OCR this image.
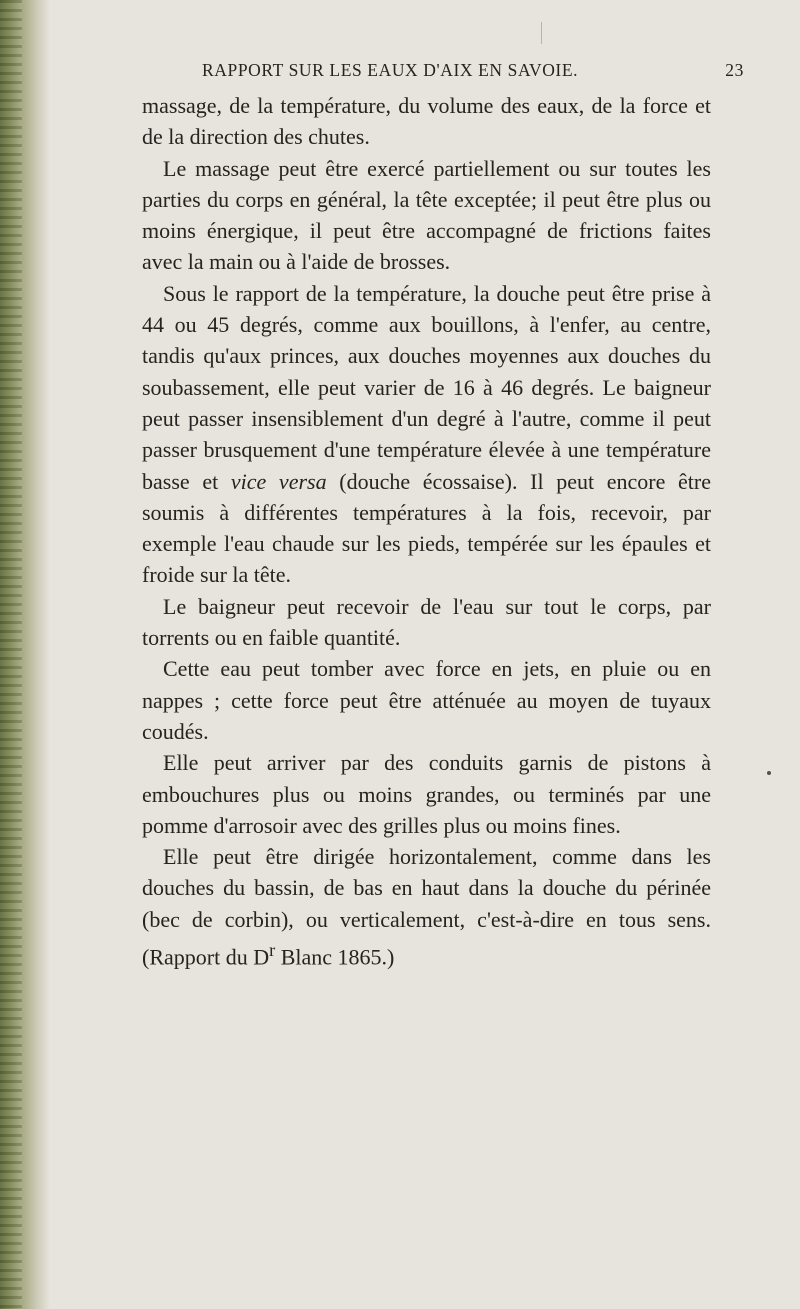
RAPPORT SUR LES EAUX D'AIX EN SAVOIE.	23

massage, de la température, du volume des eaux, de la force et de la direction des chutes.

Le massage peut être exercé partiellement ou sur toutes les parties du corps en général, la tête exceptée; il peut être plus ou moins énergique, il peut être accompagné de frictions faites avec la main ou à l'aide de brosses.

Sous le rapport de la température, la douche peut être prise à 44 ou 45 degrés, comme aux bouillons, à l'enfer, au centre, tandis qu'aux princes, aux douches moyennes aux douches du soubassement, elle peut varier de 16 à 46 degrés. Le baigneur peut passer insensiblement d'un degré à l'autre, comme il peut passer brusquement d'une température élevée à une température basse et vice versa (douche écossaise). Il peut encore être soumis à différentes températures à la fois, recevoir, par exemple l'eau chaude sur les pieds, tempérée sur les épaules et froide sur la tête.

Le baigneur peut recevoir de l'eau sur tout le corps, par torrents ou en faible quantité.

Cette eau peut tomber avec force en jets, en pluie ou en nappes ; cette force peut être atténuée au moyen de tuyaux coudés.

Elle peut arriver par des conduits garnis de pistons à embouchures plus ou moins grandes, ou terminés par une pomme d'arrosoir avec des grilles plus ou moins fines.

Elle peut être dirigée horizontalement, comme dans les douches du bassin, de bas en haut dans la douche du périnée (bec de corbin), ou verticalement, c'est-à-dire en tous sens. (Rapport du $D^r$ Blanc 1865.)
